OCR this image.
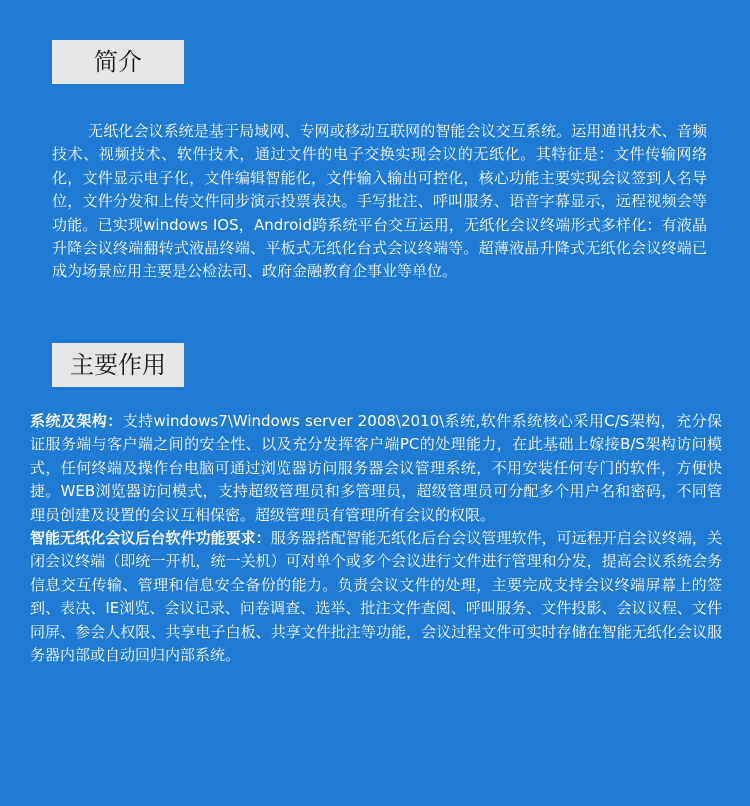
简介

无纸化会议系统是基于局域网、专网或移动互联网的智能会议交互系统。运用通讯技术、音频技术、视频技术、软件技术，通过文件的电子交换实现会议的无纸化。其特征是：文件传输网络化，文件显示电子化，文件编辑智能化，文件输入输出可控化，核心功能主要实现会议签到人名导位，文件分发和上传文件同步演示投票表决。手写批注、呼叫服务、语音字幕显示，远程视频会等功能。已实现windows IOS，Android跨系统平台交互运用，无纸化会议终端形式多样化：有液晶升降会议终端翻转式液晶终端、平板式无纸化台式会议终端等。超薄液晶升降式无纸化会议终端已成为场景应用主要是公检法司、政府金融教育企事业等单位。

主要作用

系统及架构：支持windows7\Windows server 2008\2010\系统,软件系统核心采用C/S架构，充分保证服务端与客户端之间的安全性、以及充分发挥客户端PC的处理能力，在此基础上嫁接B/S架构访问模式，任何终端及操作台电脑可通过浏览器访问服务器会议管理系统，不用安装任何专门的软件，方便快捷。WEB浏览器访问模式，支持超级管理员和多管理员，超级管理员可分配多个用户名和密码，不同管理员创建及设置的会议互相保密。超级管理员有管理所有会议的权限。

智能无纸化会议后台软件功能要求：服务器搭配智能无纸化后台会议管理软件，可远程开启会议终端，关闭会议终端（即统一开机，统一关机）可对单个或多个会议进行文件进行管理和分发，提高会议系统会务信息交互传输、管理和信息安全备份的能力。负责会议文件的处理，主要完成支持会议终端屏幕上的签到、表决、IE浏览、会议记录、问卷调查、选举、批注文件查阅、呼叫服务、文件投影、会议议程、文件同屏、参会人权限、共享电子白板、共享文件批注等功能，会议过程文件可实时存储在智能无纸化会议服务器内部或自动回归内部系统。
